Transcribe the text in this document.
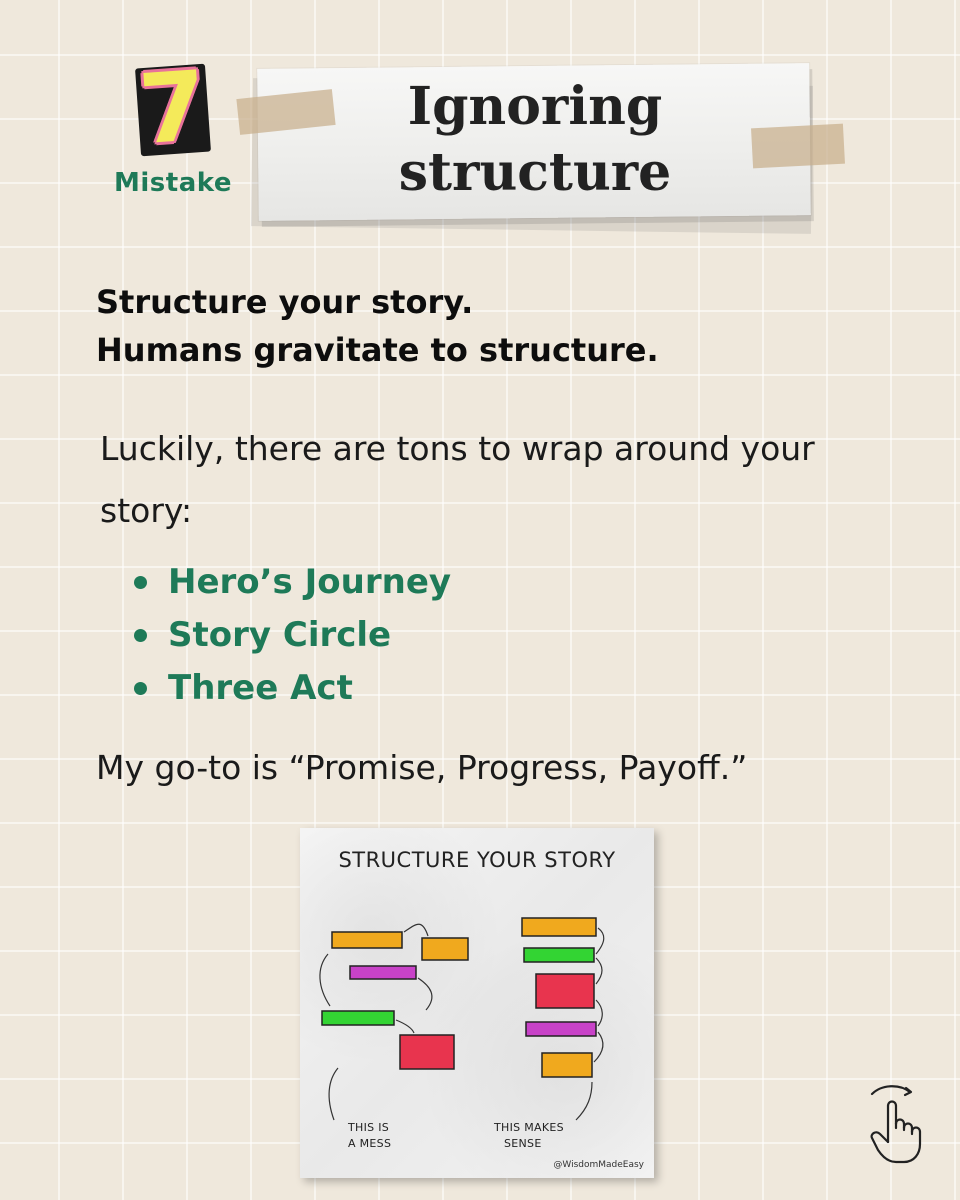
7
Mistake
Ignoring
structure
Structure your story.
Humans gravitate to structure.
Luckily, there are tons to wrap around your story:
Hero’s Journey
Story Circle
Three Act
My go-to is “Promise, Progress, Payoff.”
STRUCTURE YOUR STORY
THIS IS
A MESS
THIS MAKES
SENSE
@WisdomMadeEasy
